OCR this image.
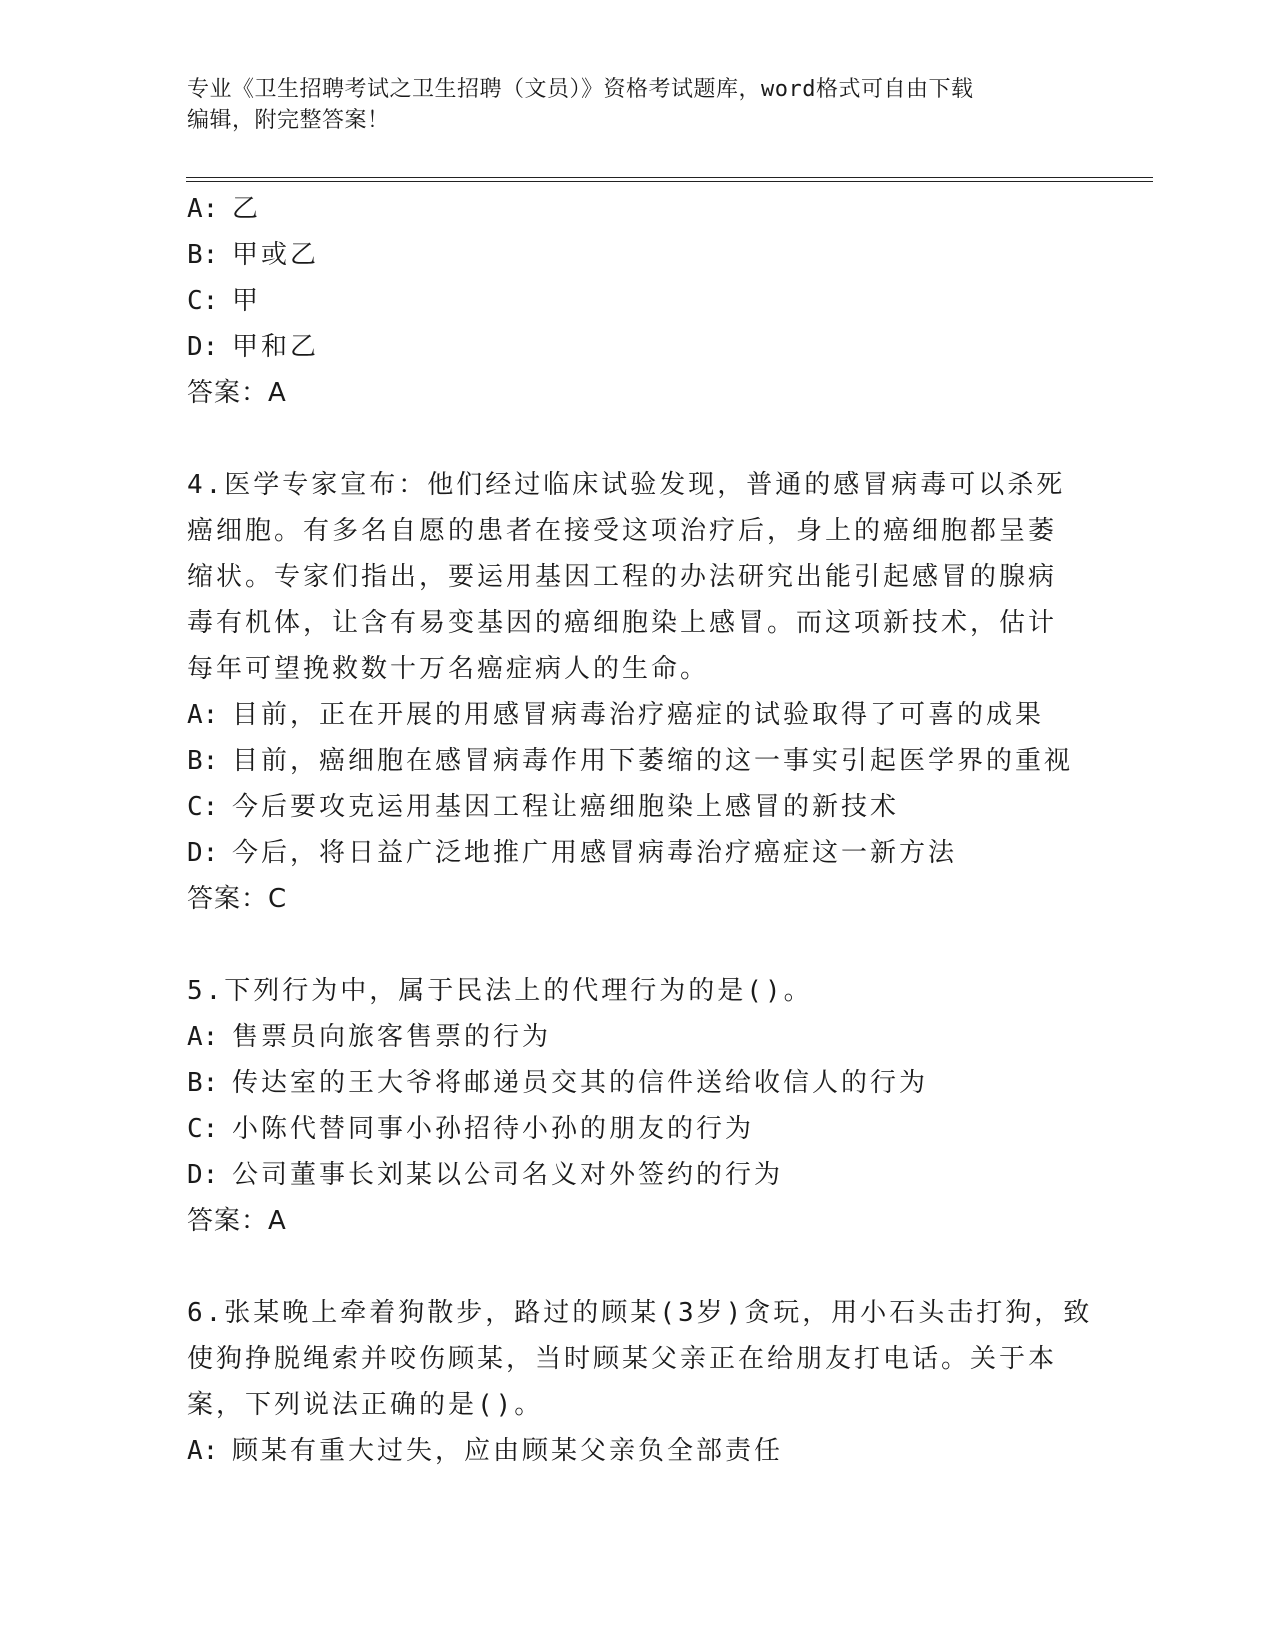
专业《卫生招聘考试之卫生招聘（文员）》资格考试题库，word格式可自由下载
编辑，附完整答案！
A: 乙
B: 甲或乙
C: 甲
D: 甲和乙
答案：A
4.医学专家宣布：他们经过临床试验发现，普通的感冒病毒可以杀死
癌细胞。有多名自愿的患者在接受这项治疗后，身上的癌细胞都呈萎
缩状。专家们指出，要运用基因工程的办法研究出能引起感冒的腺病
毒有机体，让含有易变基因的癌细胞染上感冒。而这项新技术，估计
每年可望挽救数十万名癌症病人的生命。
A: 目前，正在开展的用感冒病毒治疗癌症的试验取得了可喜的成果
B: 目前，癌细胞在感冒病毒作用下萎缩的这一事实引起医学界的重视
C: 今后要攻克运用基因工程让癌细胞染上感冒的新技术
D: 今后，将日益广泛地推广用感冒病毒治疗癌症这一新方法
答案：C
5.下列行为中，属于民法上的代理行为的是()。
A: 售票员向旅客售票的行为
B: 传达室的王大爷将邮递员交其的信件送给收信人的行为
C: 小陈代替同事小孙招待小孙的朋友的行为
D: 公司董事长刘某以公司名义对外签约的行为
答案：A
6.张某晚上牵着狗散步，路过的顾某(3岁)贪玩，用小石头击打狗，致
使狗挣脱绳索并咬伤顾某，当时顾某父亲正在给朋友打电话。关于本
案，下列说法正确的是()。
A: 顾某有重大过失，应由顾某父亲负全部责任
